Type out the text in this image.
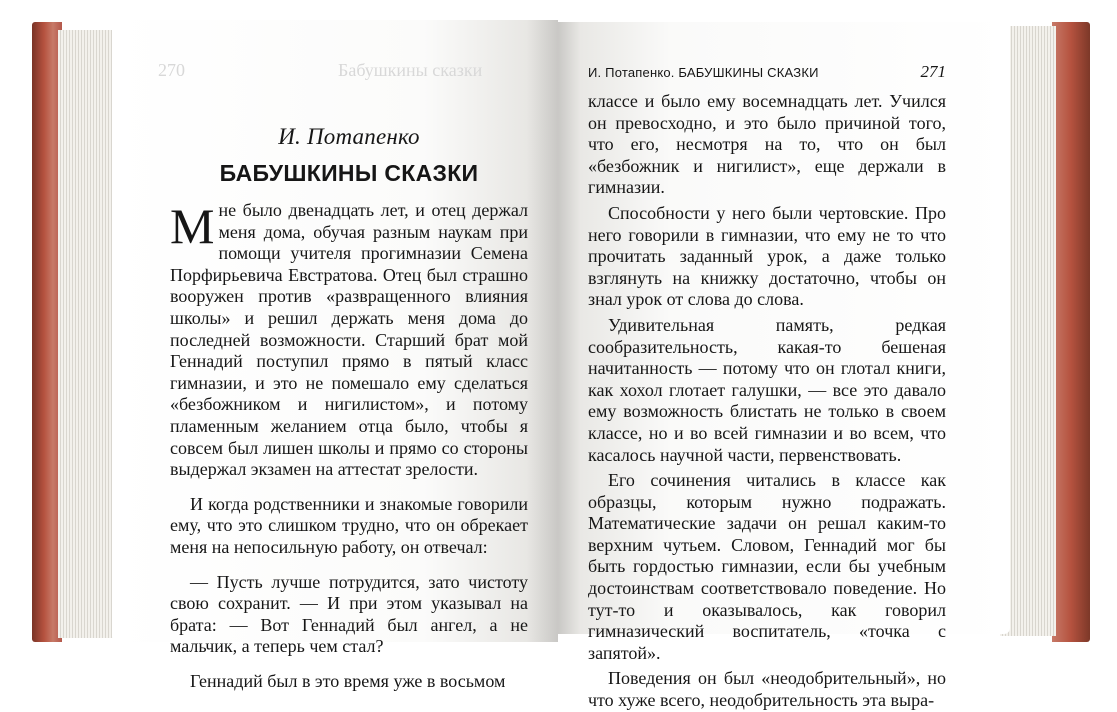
270	Бабушкины сказки
И. Потапенко
БАБУШКИНЫ СКАЗКИ

Мне было двенадцать лет, и отец держал меня дома, обучая разным наукам при помощи учителя прогимназии Семена Порфирьевича Евстратова. Отец был страшно вооружен против «развращенного влияния школы» и решил держать меня дома до последней возможности. Старший брат мой Геннадий поступил прямо в пятый класс гимназии, и это не помешало ему сделаться «безбожником и нигилистом», и потому пламенным желанием отца было, чтобы я совсем был лишен школы и прямо со стороны выдержал экзамен на аттестат зрелости.

И когда родственники и знакомые говорили ему, что это слишком трудно, что он обрекает меня на непосильную работу, он отвечал:

— Пусть лучше потрудится, зато чистоту свою сохранит. — И при этом указывал на брата: — Вот Геннадий был ангел, а не мальчик, а теперь чем стал?

Геннадий был в это время уже в восьмом

И. Потапенко. БАБУШКИНЫ СКАЗКИ	271

классе и было ему восемнадцать лет. Учился он превосходно, и это было причиной того, что его, несмотря на то, что он был «безбожник и нигилист», еще держали в гимназии.

Способности у него были чертовские. Про него говорили в гимназии, что ему не то что прочитать заданный урок, а даже только взглянуть на книжку достаточно, чтобы он знал урок от слова до слова.

Удивительная память, редкая сообразительность, какая-то бешеная начитанность — потому что он глотал книги, как хохол глотает галушки, — все это давало ему возможность блистать не только в своем классе, но и во всей гимназии и во всем, что касалось научной части, первенствовать.

Его сочинения читались в классе как образцы, которым нужно подражать. Математические задачи он решал каким-то верхним чутьем. Словом, Геннадий мог бы быть гордостью гимназии, если бы учебным достоинствам соответствовало поведение. Но тут-то и оказывалось, как говорил гимназический воспитатель, «точка с запятой».

Поведения он был «неодобрительный», но что хуже всего, неодобрительность эта выра-
